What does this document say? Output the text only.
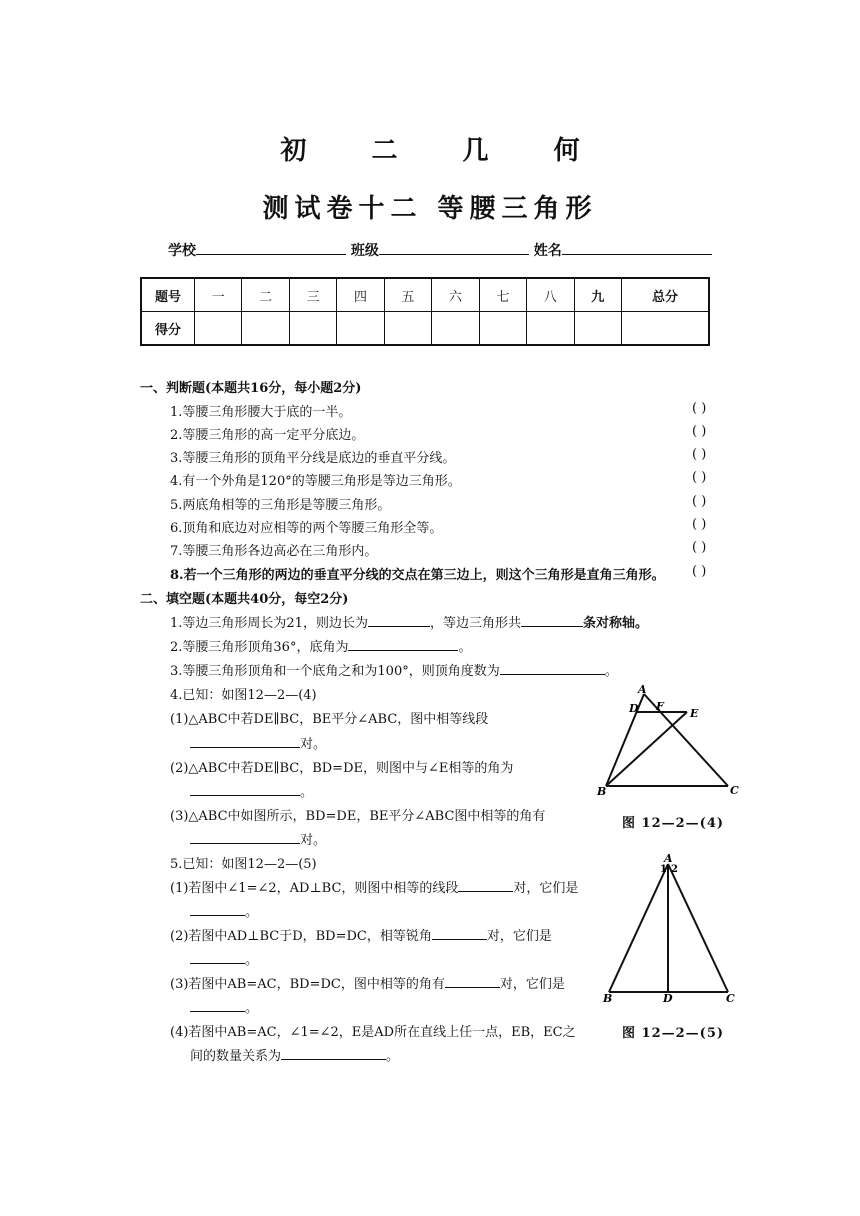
初 二 几 何
测试卷十二 等腰三角形
学校	班级	姓名
题号	一	二	三	四	五	六	七	八	九	总分
得分										
一、判断题(本题共16分，每小题2分)
1.等腰三角形腰大于底的一半。	( )
2.等腰三角形的高一定平分底边。	( )
3.等腰三角形的顶角平分线是底边的垂直平分线。	( )
4.有一个外角是120°的等腰三角形是等边三角形。	( )
5.两底角相等的三角形是等腰三角形。	( )
6.顶角和底边对应相等的两个等腰三角形全等。	( )
7.等腰三角形各边高必在三角形内。	( )
8.若一个三角形的两边的垂直平分线的交点在第三边上，则这个三角形是直角三角形。 ( )
二、填空题(本题共40分，每空2分)
1.等边三角形周长为21，则边长为	，等边三角形共	条对称轴。
2.等腰三角形顶角36°，底角为	。
3.等腰三角形顶角和一个底角之和为100°，则顶角度数为	。
4.已知：如图12—2—(4)
(1)△ABC中若DE∥BC，BE平分∠ABC，图中相等线段
对。
(2)△ABC中若DE∥BC，BD=DE，则图中与∠E相等的角为
。
(3)△ABC中如图所示，BD=DE，BE平分∠ABC图中相等的角有
对。
5.已知：如图12—2—(5)
(1)若图中∠1=∠2，AD⊥BC，则图中相等的线段	对，它们是
。
(2)若图中AD⊥BC于D，BD=DC，相等锐角	对，它们是
。
(3)若图中AB=AC，BD=DC，图中相等的角有	对，它们是
。
(4)若图中AB=AC，∠1=∠2，E是AD所在直线上任一点，EB，EC之
间的数量关系为	。
A
D F
E
B	C
图 12—2—(4)
A
1 2
B	D	C
图 12—2—(5)
